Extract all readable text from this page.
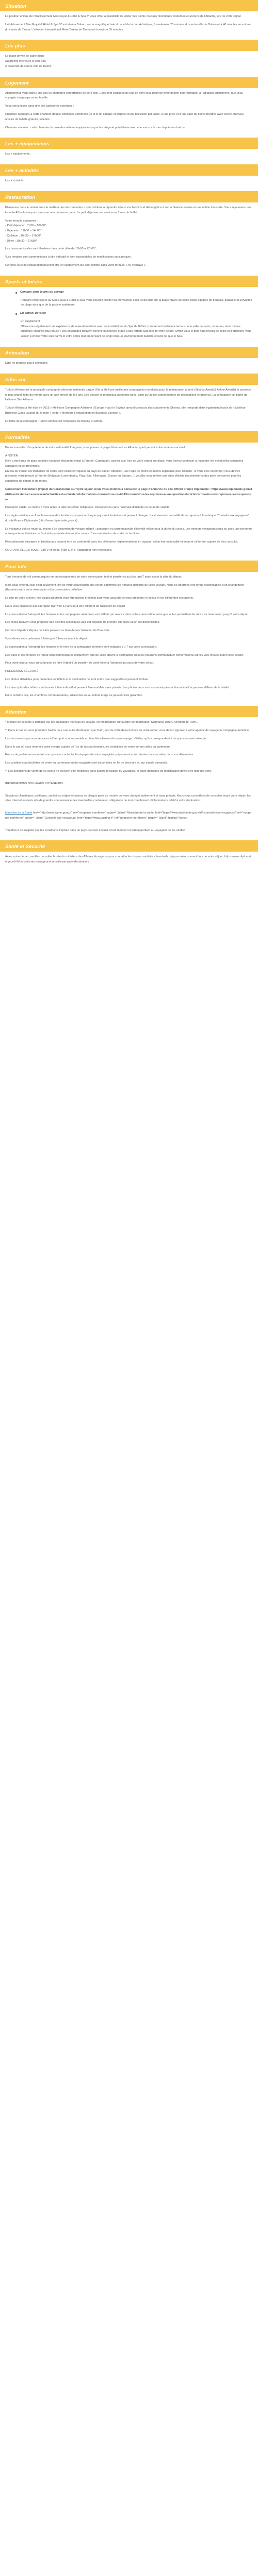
Situation

La position unique de l'établissement Mas Royal & Hôtel & Spa 5* vous offre la possibilité de visiter des points cruciaux historiques modernes et anciens de l'Atlantis, lors de votre séjour.

L'établissement Mas Royal & Hôtel & Spa 5* est situé à Dahen, sur la magnifique baie du nord de la mer Adriatique, à seulement 20 minutes du centre-ville de Dahen et à 40 minutes en voiture du centre de Tirana. L'aéroport international Mère Teresa de Tirana est à environ 35 minutes.

Les plus

Le plage privée de sable blanc
Sa proche intérieure et son Spa
A proximité du centre-ville de Daehs

Logement

Abandonnez-vous dans l'une des 50 chambres confortables de cet Hôtel. Elles sont équipées de tout ce dont vous pourriez avoir besoin pour échapper à l'agitation quotidienne, que vous voyagiez en groupe ou en famille.

Vous serez logés dans une des catégories suivantes :

Chambre Standard & cette chambre double climatisée comprend un lit et un canapé et dispose d'une télévision par câble, d'une prise et d'une salle de bains privative avec sèche-cheveux, articles de toilette gratuits, toilettes.

Chambre vue mer : cette chambre dispose des mêmes équipements que la catégorie précédente avec une vue sur la mer depuis son balcon.

Les + équipements

Les + équipements :

Les + activités

Les + activités :

Restauration

Bienvenue dans le restaurant « le meilleur des deux mondes » qui contribue à répondre à tous vos besoins et désirs grâce à son ambiance feutrée et une option à la carte. Vous séjournerez en formule All Inclusive pour savourer une cuisine exquise. Le petit déjeuner est servi sous forme de buffet.

Votre formule comprend :
- Petit déjeuner : 7h30 – 10h00*
- Déjeuner : 12h30 – 14h00*
- Collation : 16h30 – 17h00*
- Dîner : 19h30 – 21h30*

Les boissons locales sont illimitées dans cette offre de 10h00 à 22h00*.

*Les horaires sont communiqués à titre indicatif et sont susceptibles de modifications sans préavis.

Certains lieux de restauration peuvent être en supplément sur leur compte dans votre formule « All Inclusive ».

Sports et loisirs
Compris dans le prix du voyage

Pendant votre séjour au Mas Royal & Hôtel & Spa, vous pourrez profiter du merveilleux soleil et du bruit sur la plage privée de sable blanc équipée de transats, parasols et serviettes de plage ainsi que de la piscine extérieure.

En option, payante

En supplément :
Offrez-vous également une expérience de relaxation ultime avec les installations du Spa de l'hôtel, comprenant un bain à remous, une salle de sport, un sauna, ainsi qu'une intérieure chauffée plus douce ! Vos escapades peuvent devenir plus belles grâce à des forfaits Spa lors de votre séjour. Offrez-vous le plus haut niveau de soins et d'attention, vous laisser à choisir votre soin parmi et votre corps tout en pensant de longs bien-un environnement paisible et isolé tel que le Spa.

Animation

Dîtel ne propose pas d'animation.

Infos vol

Turkish Airlines est la principale compagnie aérienne nationale turque. Elle a été l'une meilleures compagnies mondiales pour la restauration à bord (Skytrax Award & Airline Awards) et possède le plus grand flotte du monde avec un âge moyen de 8,5 ans. Elle dessert le principaux aéroports turcs, ainsi qu'un très grand nombre de destinations étrangères. La compagnie fait partie de l'alliance Star Alliance.

Turkish Airlines a été élue en 2015 « Meilleure Compagnie Aérienne d'Europe » par le Skytrax annuel concours des classements Skytrax, elle remporte deux également le prix de « Meilleur Business Class Lounge du Monde » et de « Meilleure Restauration en Business Lounge ».

La flotte de la compagnie Turkish Airlines est composée de Boeing et Airbus.

Formalités

Bonne nouvelle : Compte tenu de votre nationalité française, vous pouvez voyager librement en Albanie, quel que soit votre schéma vaccinal.

A NOTER :
Il n'y a donc pas de pass sanitaire ou autre document exigé à l'entrée. Cependant, sachez que, lors de votre séjour sur place, vous devrez continuer à respecter les éventuelles consignes sanitaires et de prévention.
En cas de transit, les formalités de sortie sont celles en vigueur au pays de transit. Attention, une règle de moins en moins applicable pour l'instant : si vous êtes vacciné(e) vous devrez présenter votre preuve à l'entrée (Belgique, Luxembourg, Pays-Bas, Allemagne, Suisse ou Europe...), veuillez vous référer aux sites officiels des ministères des pays concernés pour les conditions de départ et de retour.

Concernant l'Inventaire (Impact du Coronavirus sur votre séjour, nous vous invitons à consulter la page d'annonce du site officiel France Diplomatie : https://www.diplomatie.gouv.fr/fr/le-ministere-et-son-reseau/actualites-du-ministere/informations-coronavirus-covid-19/coronavirus-les-reponses-a-vos-questions/article/coronavirus-les-reponses-a-vos-questions

Passeport valide, au moins 6 mois après la date de retour obligatoire. Passeport ou carte nationale d'identité en cours de validité.

Les règles relatives au franchissement des frontières propres à chaque pays sont évolutives et peuvent changer. Il est vivement conseillé de se reporter à la rubrique "Conseils aux voyageurs" du site France Diplomatie (http://www.diplomatie.gouv.fr).

Le voyageur doit se munir au moins d'un document de voyage adapté : passeport ou carte nationale d'identité valide pour la durée du séjour. Les mineurs voyageant seuls ou avec une personne autre que leurs titulaires de l'autorité parentale doivent être munis d'une autorisation de sortie du territoire.

Ressortissants étrangers et binationaux devront être en conformité avec les différentes réglementations en vigueur, selon leur nationalité et devront s'informer auprès de leur consulat.

COURANT ÉLECTRIQUE : 230 V et 50Hz. Type C et F. Adaptateur non nécessaire.

Pour info

Tous horaires de vol communiqués seront réceptionnés de votre convocation (vol et transferts) au plus tard 7 jours avant la date du départ.

Il est sous-entendu que c'est seulement lors de votre convocation que seront confirmés les horaires définitifs de votre voyage. Nous ne pourrons être tenus responsables d'un changement d'horaires entre votre réservation et la convocation définitive.

Le jour de votre arrivée, nos guides pourront vous être parfois présents pour vous accueillir et vous présenter le séjour et les différentes excursions.

Nous vous signalons que l'aéroport d'arrivée à Paris peut être différent de l'aéroport de départ.

La convocation à l'aéroport, les horaires et les compagnies aériennes sont définis par avance dans votre convocation, ainsi que le lien permettant de suivre sa réservation jusqu'à votre départ.

Les hôtels peuvent vous proposer des activités spécifiques qu'il est possible de prendre sur place selon les disponibilités.

Certains départs indiqués de Paris peuvent se faire depuis l'aéroport de Beauvais.

Vous devez vous présenter à l'aéroport 3 heures avant le départ.

La convocation à l'aéroport, les horaires et le nom de la compagnie aérienne sont indiqués à J-7 sur votre convocation.

Les villes et les horaires de retour sont communiqués uniquement lors de votre arrivée à destination, nous ne pourrons communiquer d'informations sur les vols retours avant votre départ.

Pour votre séjour, vous aurez besoin de faire l'objet d'un transfert de votre hôtel à l'aéroport au cours de votre séjour.

PRÉCISIONS SÉCURITÉ

Les photos détaillées pour présenter les hôtels et la destination ne sont à titre que suggestifs et peuvent évoluer.

Les descriptifs des hôtels sont donnés à titre indicatif et peuvent être modifiés sans préavis. Les photos vous sont communiquées à titre indicatif et peuvent différer de la réalité.

Dans certains cas, les chambres communicantes, adjacentes ou au même étage ne peuvent être garanties.

Attention

* Mesure de sécurité à terminer sur les équipages nouveau de voyage, en modification sur la ligne de destination: Stéphanie Dixon, Aéroport de Turin...

** Dans le cas où vous prendriez l'avion pour une autre destination que Turin, lors de votre départ et lors de votre retour, vous devez signaler à votre agence de voyage la compagnie aérienne.

Les documents que vous recevrez à l'aéroport sont essentiels au bon déroulement de votre voyage. Vérifiez qu'ils correspondent à ce que vous avez réservé.

Dans le cas où vous réservez votre voyage auprès de l'un de nos partenaires, les conditions de vente seront celles du partenaire.

En cas de problème rencontré, vous pouvez contacter les équipes de votre voyagiste qui pourront vous orienter ou vous aider dans vos démarches.

Les conditions particulières de vente du partenaire ou du voyagiste sont disponibles en fin de brochure ou sur simple demande.

** Les conditions de vente de ce séjour ne peuvent être modifiées sans accord préalable du voyagiste, et toute demande de modification devra être faite par écrit.

INFORMATIONS NOUVEAUX VOYAGEURS :

Situations climatiques, politiques, sanitaires, réglementations de chaque pays du monde peuvent changer subitement et sans préavis. Nous vous conseillons de consulter avant votre départ les sites Internet suivants afin de prendre connaissance des éventuelles contraintes, obligations ou tout complément d'informations relatif à votre destination.

Ministère de la Santé href="http://www.sante.gouv.fr" rel="noopener noreferrer" target="_blank" Ministère de la santé, href="https://www.diplomatie.gouv.fr/fr/conseils-aux-voyageurs/" rel="noopener noreferrer" target="_blank" Conseils aux voyageurs, href="https://www.pasteur.fr" rel="noopener noreferrer" target="_blank" Institut Pasteur

Toutefois il est rappelé que les conditions d'entrée dans un pays peuvent évoluer à tout moment et qu'il appartient au voyageur de les vérifier.

Santé et Sécurité

Avant votre départ, veuillez consulter le site du ministère des Affaires étrangères pour connaître les risques sanitaires éventuels qui pourraient survenir lors de votre séjour. https://www.diplomatie.gouv.fr/fr/conseils-aux-voyageurs/conseils-par-pays-destination/
